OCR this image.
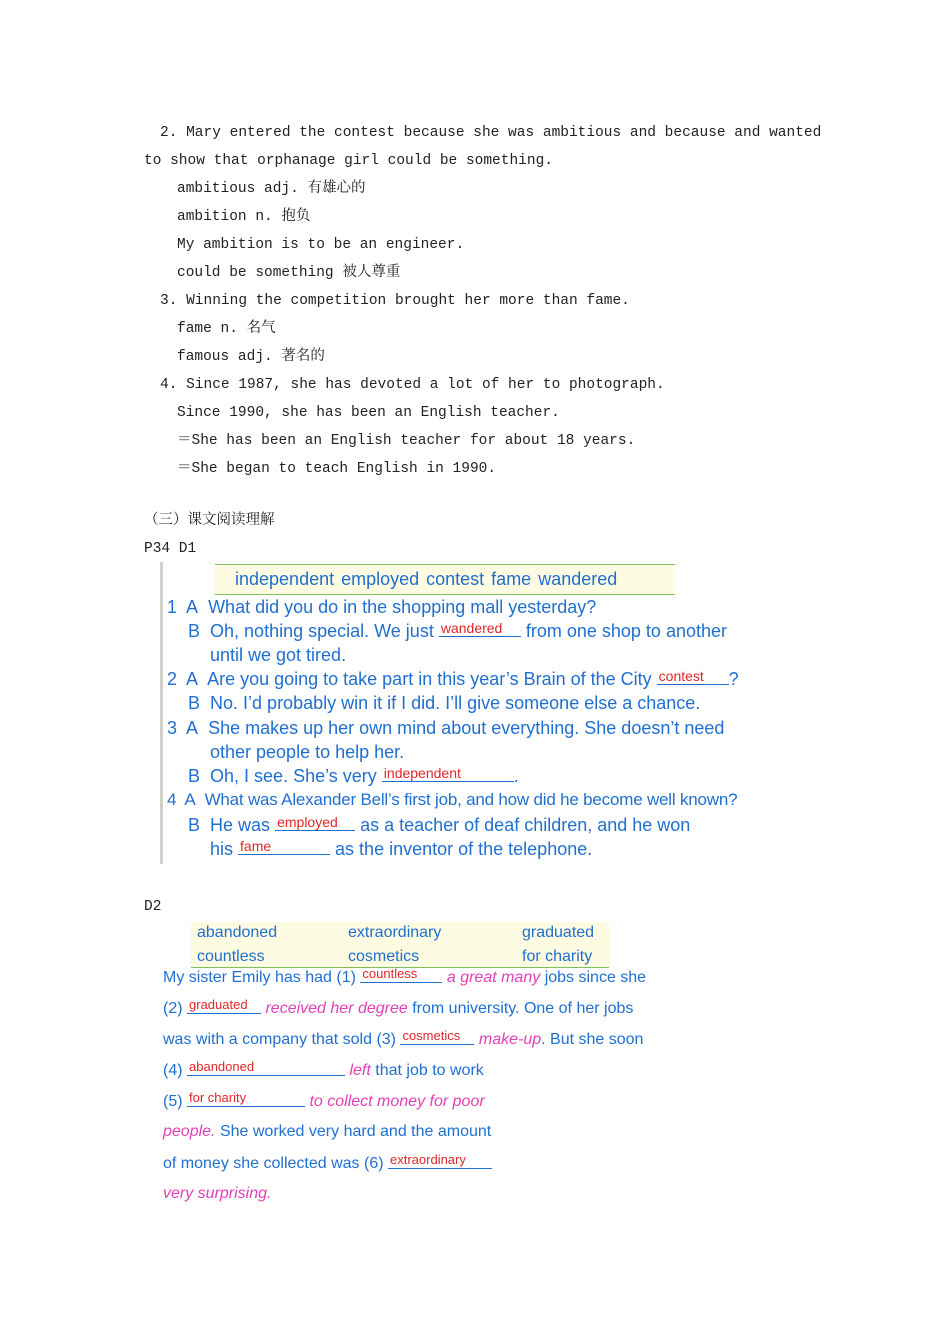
2. Mary entered the contest because she was ambitious and because and wanted
to show that orphanage girl could be something.
ambitious adj. 有雄心的
ambition n. 抱负
My ambition is to be an engineer.
could be something 被人尊重
3. Winning the competition brought her more than fame.
fame n. 名气
famous adj. 著名的
4. Since 1987, she has devoted a lot of her to photograph.
Since 1990, she has been an English teacher.
＝She has been an English teacher for about 18 years.
＝She began to teach English in 1990.
（三）课文阅读理解
P34 D1
independent employed contest fame wandered
1 A What did you do in the shopping mall yesterday?
B Oh, nothing special. We just wandered from one shop to another
until we got tired.
2 A Are you going to take part in this year’s Brain of the City contest ?
B No. I’d probably win it if I did. I’ll give someone else a chance.
3 A She makes up her own mind about everything. She doesn’t need
other people to help her.
B Oh, I see. She’s very independent	.
4 A What was Alexander Bell’s first job, and how did he become well known?
B He was employed as a teacher of deaf children, and he won
his fame	as the inventor of the telephone.
D2
abandoned	extraordinary	graduated
countless	cosmetics	for charity
My sister Emily has had (1) countless a great many jobs since she
(2) graduated received her degree from university. One of her jobs
was with a company that sold (3) cosmetics make-up. But she soon
(4) abandoned	left that job to work
(5) for charity	to collect money for poor
people. She worked very hard and the amount
of money she collected was (6) extraordinary
very surprising.
